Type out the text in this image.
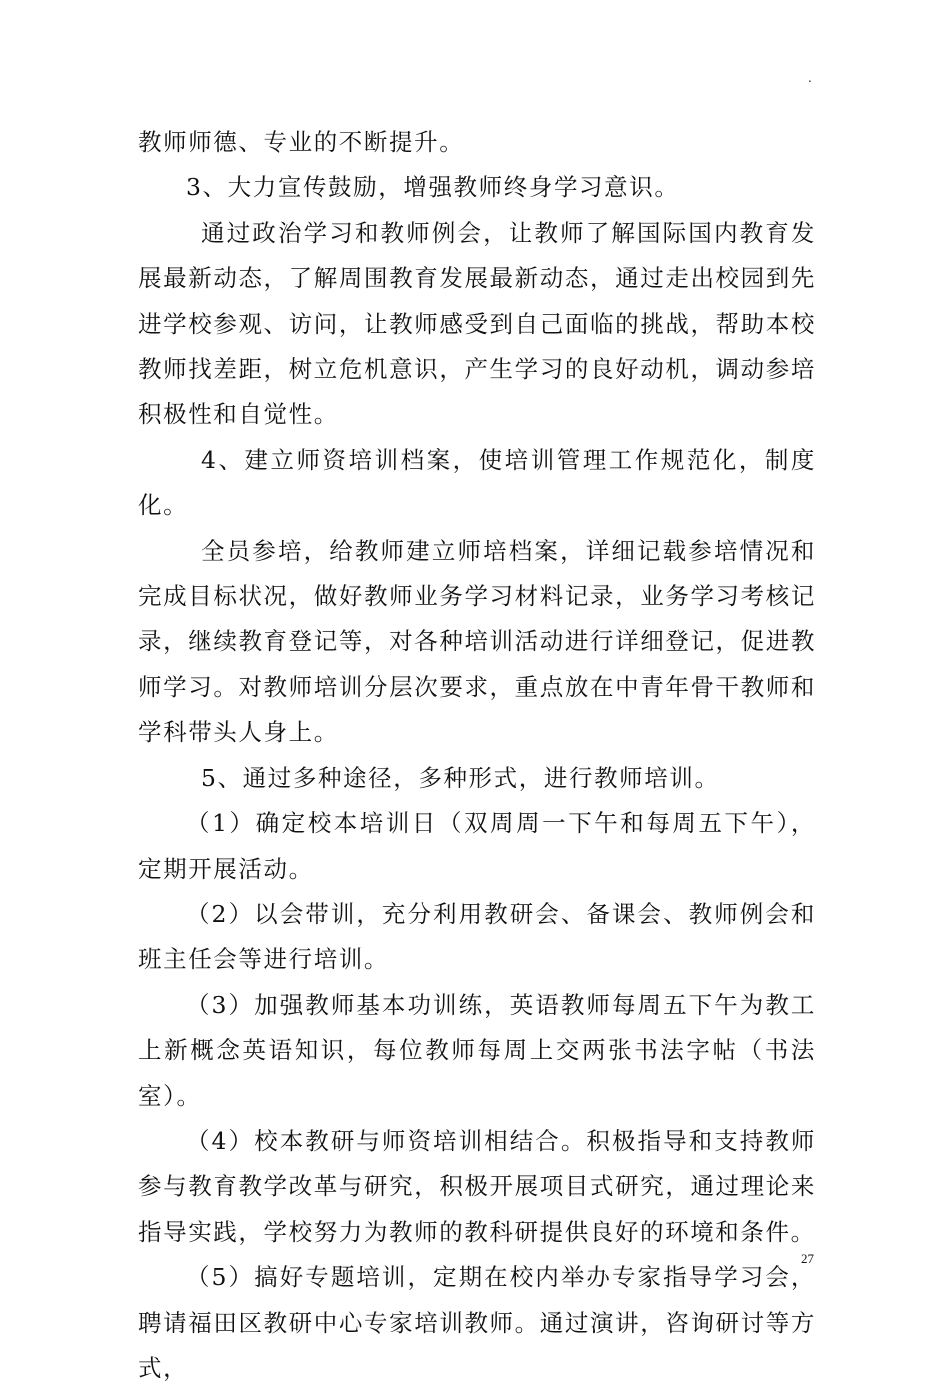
.

教师师德、专业的不断提升。

3、大力宣传鼓励，增强教师终身学习意识。

通过政治学习和教师例会，让教师了解国际国内教育发展最新动态，了解周围教育发展最新动态，通过走出校园到先进学校参观、访问，让教师感受到自己面临的挑战，帮助本校教师找差距，树立危机意识，产生学习的良好动机，调动参培积极性和自觉性。

4、建立师资培训档案，使培训管理工作规范化，制度化。

全员参培，给教师建立师培档案，详细记载参培情况和完成目标状况，做好教师业务学习材料记录，业务学习考核记录，继续教育登记等，对各种培训活动进行详细登记，促进教师学习。对教师培训分层次要求，重点放在中青年骨干教师和学科带头人身上。

5、通过多种途径，多种形式，进行教师培训。

（1）确定校本培训日（双周周一下午和每周五下午），定期开展活动。

（2）以会带训，充分利用教研会、备课会、教师例会和班主任会等进行培训。

（3）加强教师基本功训练，英语教师每周五下午为教工上新概念英语知识，每位教师每周上交两张书法字帖（书法室）。

（4）校本教研与师资培训相结合。积极指导和支持教师参与教育教学改革与研究，积极开展项目式研究，通过理论来指导实践，学校努力为教师的教科研提供良好的环境和条件。

（5）搞好专题培训，定期在校内举办专家指导学习会，聘请福田区教研中心专家培训教师。通过演讲，咨询研讨等方式，

27
